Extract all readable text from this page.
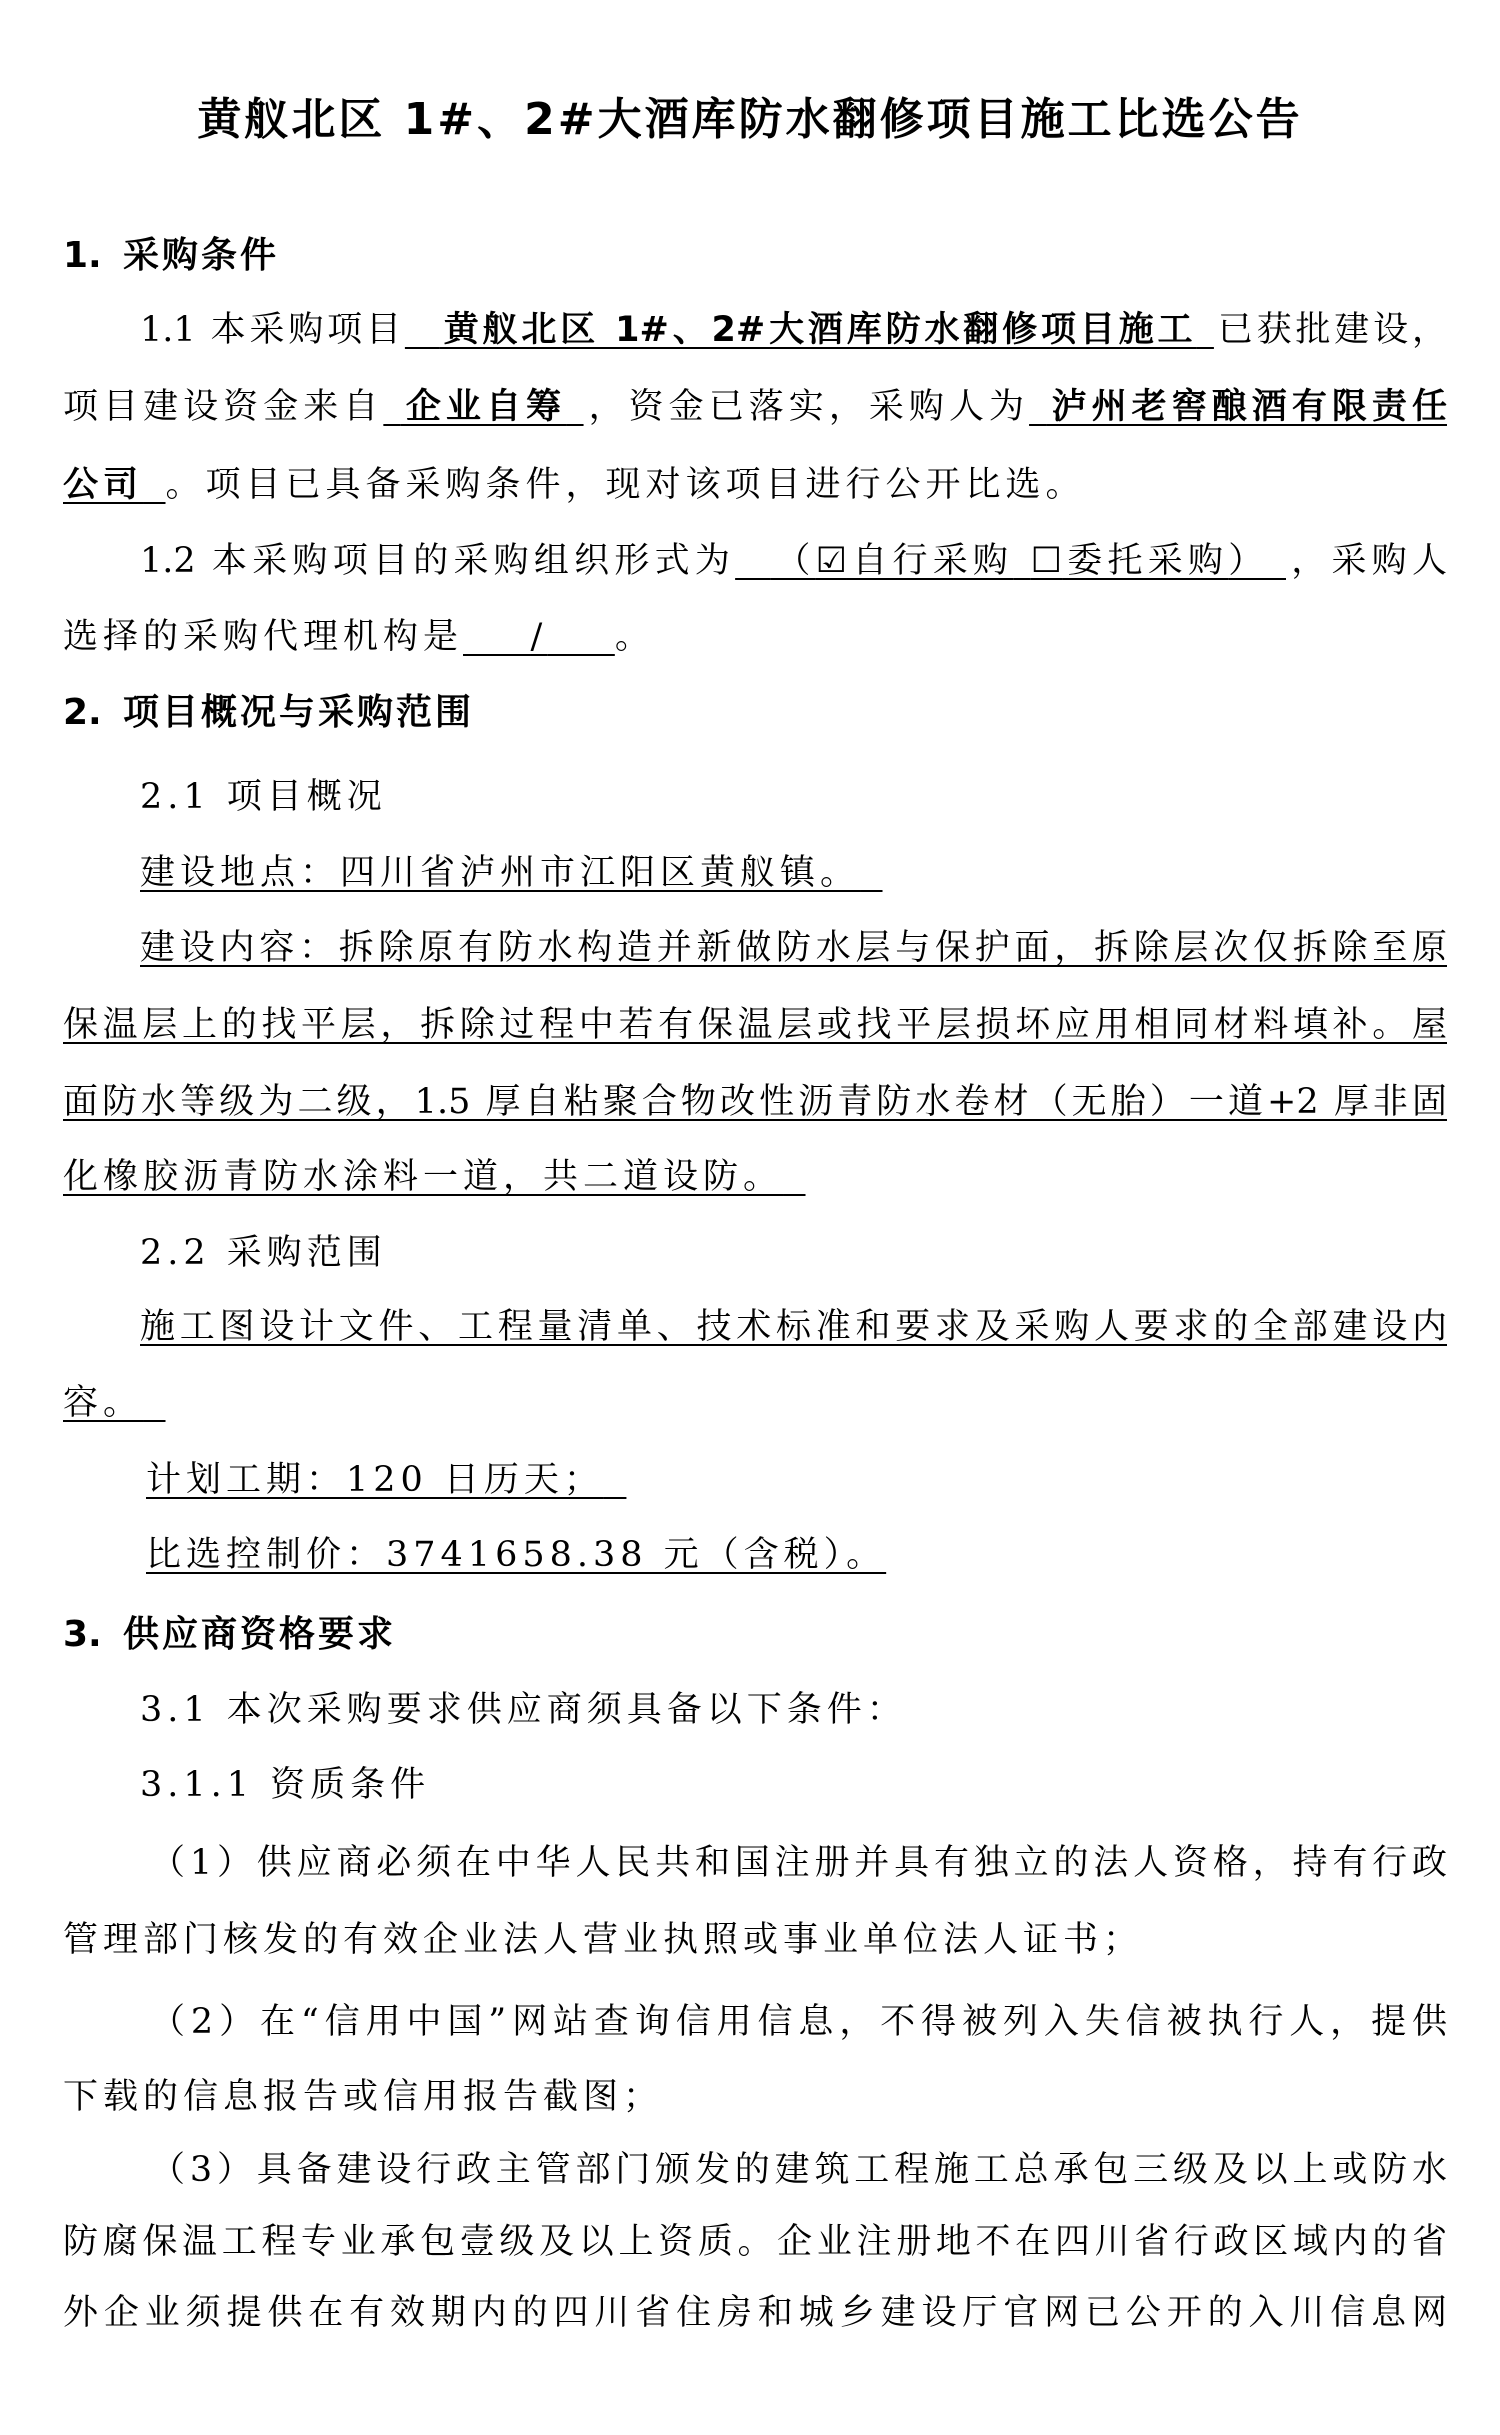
黄舣北区 1#、2#大酒库防水翻修项目施工比选公告
1. 采购条件
1.1 本采购项目   黄舣北区 1#、2#大酒库防水翻修项目施工  已获批建设，
项目建设资金来自  企业自筹  ，资金已落实，采购人为  泸州老窖酿酒有限责任
公司  。项目已具备采购条件，现对该项目进行公开比选。
1.2 本采购项目的采购组织形式为   （☑自行采购  ☐委托采购）  ，采购人
选择的采购代理机构是    /    。
2. 项目概况与采购范围
2.1 项目概况
建设地点：四川省泸州市江阳区黄舣镇。 
建设内容：拆除原有防水构造并新做防水层与保护面，拆除层次仅拆除至原
保温层上的找平层，拆除过程中若有保温层或找平层损坏应用相同材料填补。屋
面防水等级为二级，1.5 厚自粘聚合物改性沥青防水卷材（无胎）一道+2 厚非固
化橡胶沥青防水涂料一道，共二道设防。 
2.2 采购范围
施工图设计文件、工程量清单、技术标准和要求及采购人要求的全部建设内
容。 
计划工期：120 日历天； 
比选控制价：3741658.38 元（含税）。
3. 供应商资格要求
3.1 本次采购要求供应商须具备以下条件：
3.1.1 资质条件
（1）供应商必须在中华人民共和国注册并具有独立的法人资格，持有行政
管理部门核发的有效企业法人营业执照或事业单位法人证书；
（2）在“信用中国”网站查询信用信息，不得被列入失信被执行人，提供
下载的信息报告或信用报告截图；
（3）具备建设行政主管部门颁发的建筑工程施工总承包三级及以上或防水
防腐保温工程专业承包壹级及以上资质。企业注册地不在四川省行政区域内的省
外企业须提供在有效期内的四川省住房和城乡建设厅官网已公开的入川信息网
